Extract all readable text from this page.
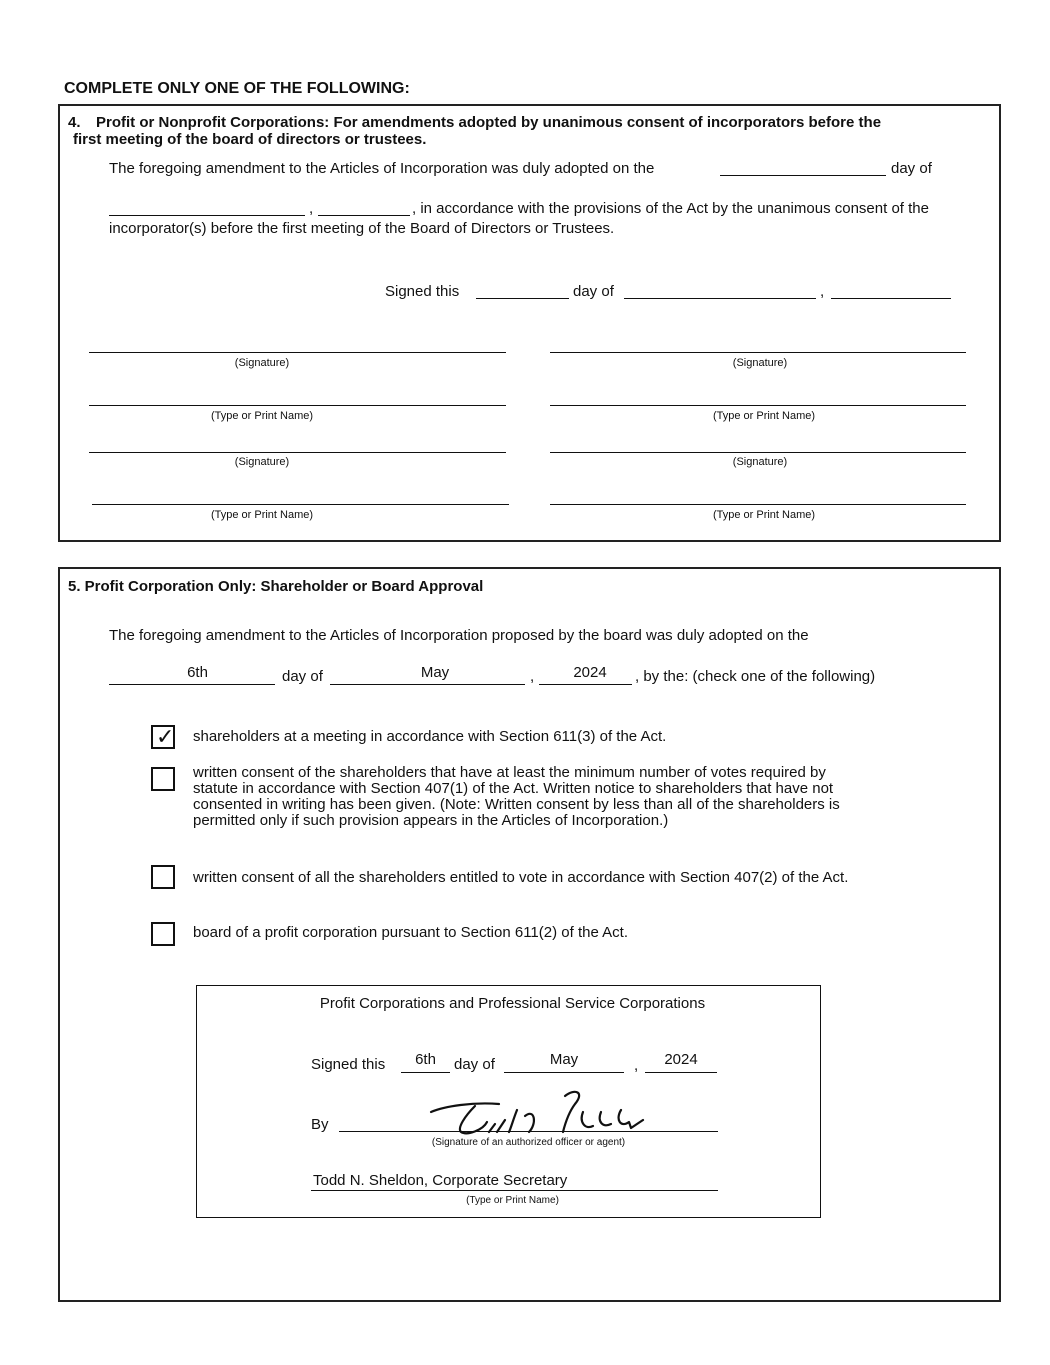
COMPLETE ONLY ONE OF THE FOLLOWING:
4. Profit or Nonprofit Corporations: For amendments adopted by unanimous consent of incorporators before the
first meeting of the board of directors or trustees.
The foregoing amendment to the Articles of Incorporation was duly adopted on the	day of
,	, in accordance with the provisions of the Act by the unanimous consent of the
incorporator(s) before the first meeting of the Board of Directors or Trustees.
Signed this	day of	,
(Signature)	(Signature)
(Type or Print Name)	(Type or Print Name)
(Signature)	(Signature)
(Type or Print Name)	(Type or Print Name)
5. Profit Corporation Only: Shareholder or Board Approval
The foregoing amendment to the Articles of Incorporation proposed by the board was duly adopted on the
6th	day of	May	,	2024	, by the: (check one of the following)
✓ shareholders at a meeting in accordance with Section 611(3) of the Act.
written consent of the shareholders that have at least the minimum number of votes required by
statute in accordance with Section 407(1) of the Act. Written notice to shareholders that have not
consented in writing has been given. (Note: Written consent by less than all of the shareholders is
permitted only if such provision appears in the Articles of Incorporation.)
written consent of all the shareholders entitled to vote in accordance with Section 407(2) of the Act.
board of a profit corporation pursuant to Section 611(2) of the Act.
Profit Corporations and Professional Service Corporations
Signed this	6th	day of	May	,	2024
By
(Signature of an authorized officer or agent)
Todd N. Sheldon, Corporate Secretary
(Type or Print Name)
